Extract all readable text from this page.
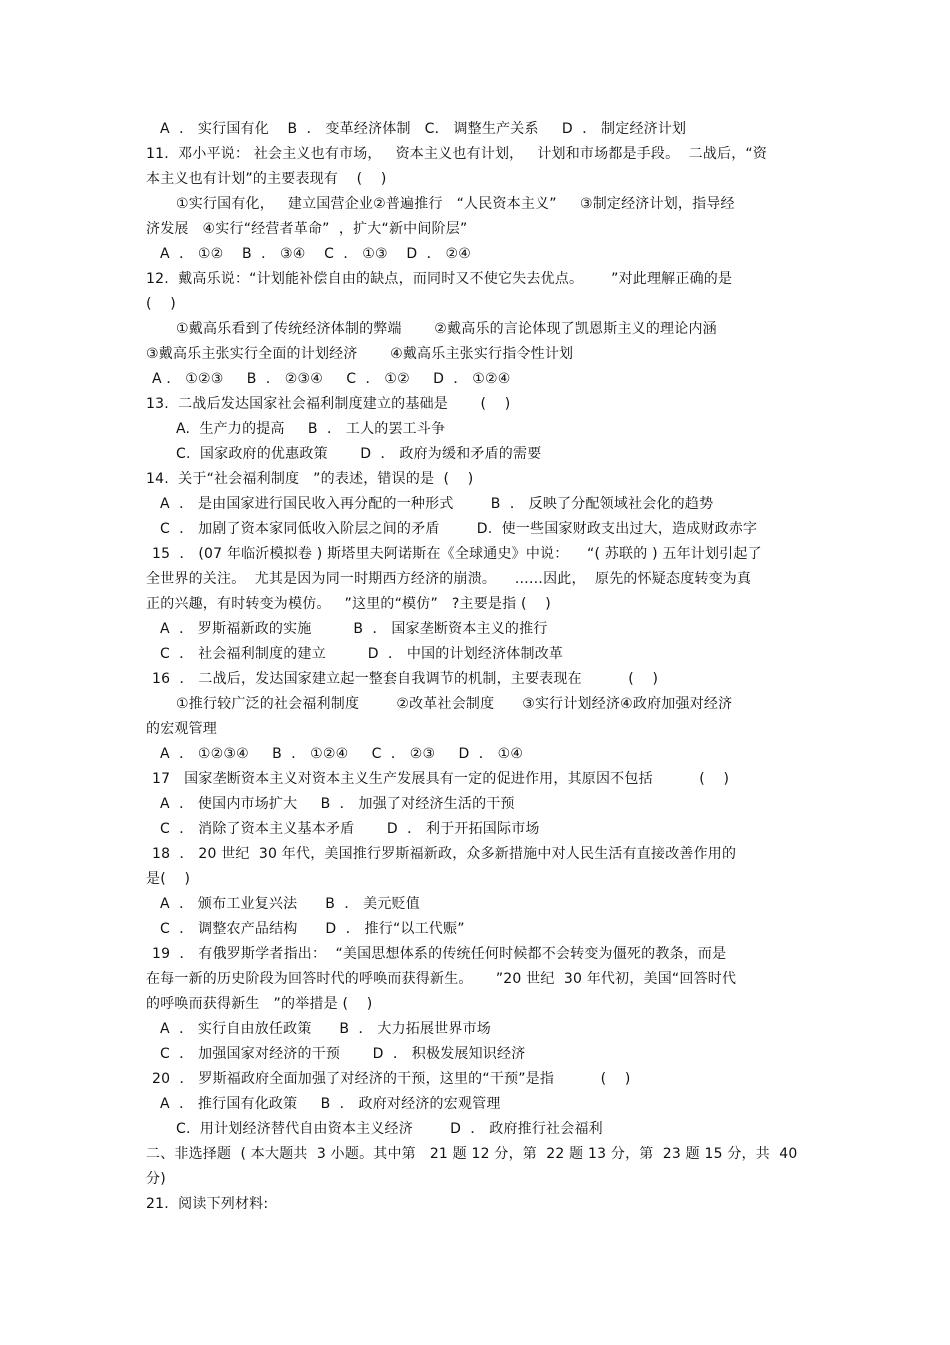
A  ． 实行国有化    B  ． 变革经济体制   C． 调整生产关系     D  ． 制定经济计划
11.  邓小平说： 社会主义也有市场，   资本主义也有计划，   计划和市场都是手段。  二战后，“资
本主义也有计划”的主要表现有    (    )
①实行国有化，   建立国营企业②普遍推行   “人民资本主义”     ③制定经济计划，指导经
济发展   ④实行“经营者革命”  ，扩大“新中间阶层”
A  ． ①②    B  ． ③④    C  ． ①③    D  ． ②④
12.  戴高乐说：“计划能补偿自由的缺点，而同时又不使它失去优点。      ”对此理解正确的是
(    )
①戴高乐看到了传统经济体制的弊端       ②戴高乐的言论体现了凯恩斯主义的理论内涵
③戴高乐主张实行全面的计划经济       ④戴高乐主张实行指令性计划
A ． ①②③     B  ． ②③④     C  ． ①②     D  ． ①②④
13.  二战后发达国家社会福利制度建立的基础是       (    )
A.  生产力的提高     B  ． 工人的罢工斗争
C.  国家政府的优惠政策       D  ． 政府为缓和矛盾的需要
14.  关于“社会福利制度   ”的表述，错误的是  (    )
A  ． 是由国家进行国民收入再分配的一种形式        B  ． 反映了分配领域社会化的趋势
C  ． 加剧了资本家同低收入阶层之间的矛盾        D.  使一些国家财政支出过大，造成财政赤字
15  ． (07 年临沂模拟卷 ) 斯塔里夫阿诺斯在《全球通史》中说：    “( 苏联的 ) 五年计划引起了
全世界的关注。  尤其是因为同一时期西方经济的崩溃。    ……因此，  原先的怀疑态度转变为真
正的兴趣，有时转变为模仿。   ”这里的“模仿”   ?主要是指 (    )
A  ． 罗斯福新政的实施         B  ． 国家垄断资本主义的推行
C  ． 社会福利制度的建立         D  ． 中国的计划经济体制改革
16  ． 二战后，发达国家建立起一整套自我调节的机制，主要表现在          (    )
①推行较广泛的社会福利制度        ②改革社会制度      ③实行计划经济④政府加强对经济
的宏观管理
A  ． ①②③④     B  ． ①②④     C  ． ②③     D  ． ①④
17   国家垄断资本主义对资本主义生产发展具有一定的促进作用，其原因不包括          (    )
A  ． 使国内市场扩大     B  ． 加强了对经济生活的干预
C  ． 消除了资本主义基本矛盾       D  ． 利于开拓国际市场
18  ． 20 世纪  30 年代，美国推行罗斯福新政，众多新措施中对人民生活有直接改善作用的
是(    )
A  ． 颁布工业复兴法      B  ． 美元贬值
C  ． 调整农产品结构      D  ． 推行“以工代赈”
19  ． 有俄罗斯学者指出：  “美国思想体系的传统任何时候都不会转变为僵死的教条，而是
在每一新的历史阶段为回答时代的呼唤而获得新生。     ”20 世纪  30 年代初，美国“回答时代
的呼唤而获得新生   ”的举措是 (    )
A  ． 实行自由放任政策      B  ． 大力拓展世界市场
C  ． 加强国家对经济的干预       D  ． 积极发展知识经济
20  ． 罗斯福政府全面加强了对经济的干预，这里的“干预”是指          (    )
A  ． 推行国有化政策     B  ． 政府对经济的宏观管理
C.  用计划经济替代自由资本主义经济        D  ． 政府推行社会福利
二、非选择题  ( 本大题共  3 小题。其中第   21 题 12 分，第  22 题 13 分，第  23 题 15 分，共  40
分)
21.  阅读下列材料:
